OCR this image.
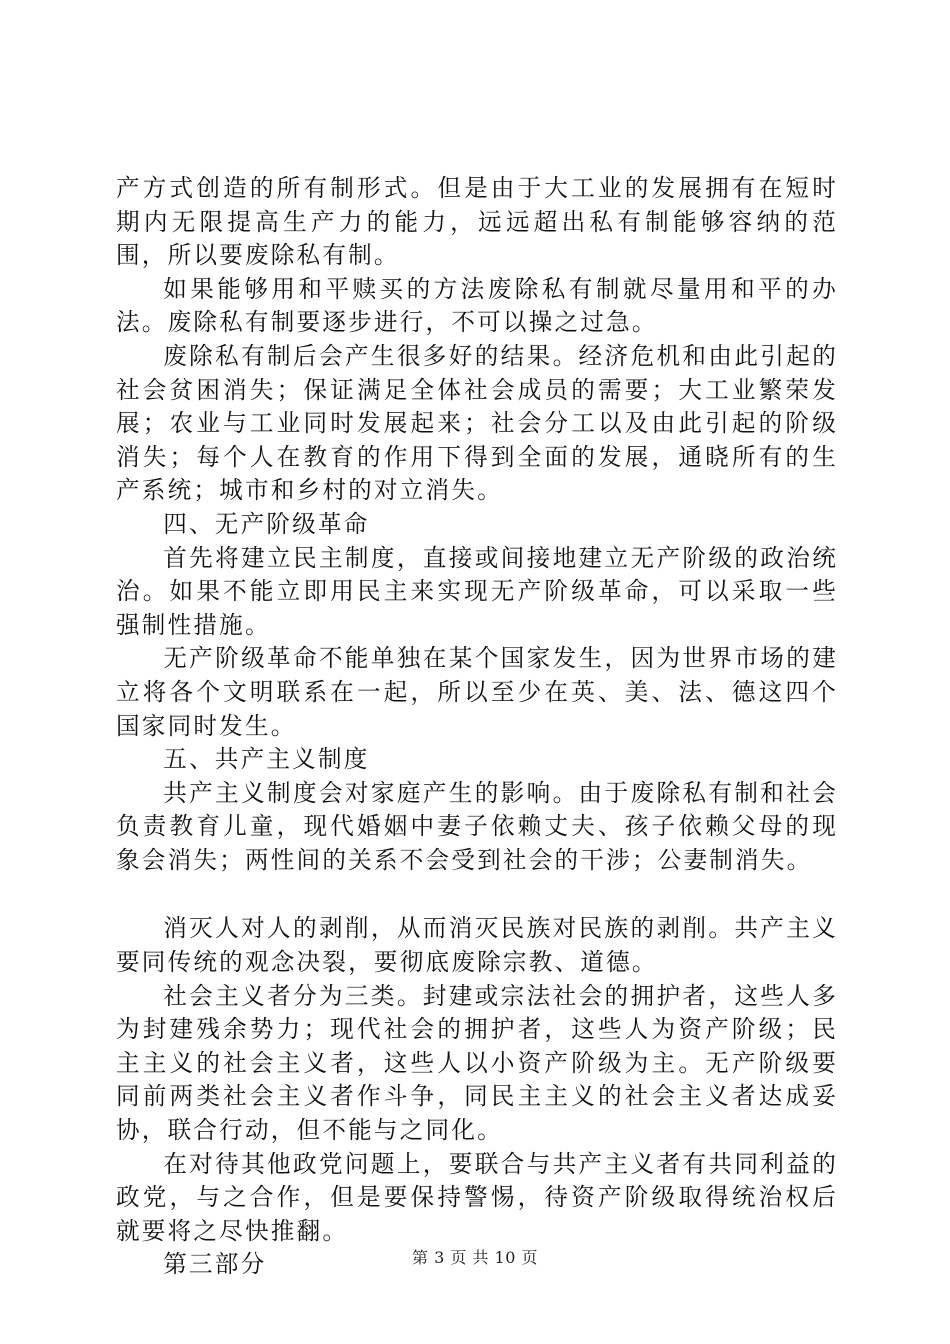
产方式创造的所有制形式。但是由于大工业的发展拥有在短时期内无限提高生产力的能力，远远超出私有制能够容纳的范围，所以要废除私有制。

如果能够用和平赎买的方法废除私有制就尽量用和平的办法。废除私有制要逐步进行，不可以操之过急。

废除私有制后会产生很多好的结果。经济危机和由此引起的社会贫困消失；保证满足全体社会成员的需要；大工业繁荣发展；农业与工业同时发展起来；社会分工以及由此引起的阶级消失；每个人在教育的作用下得到全面的发展，通晓所有的生产系统；城市和乡村的对立消失。

四、无产阶级革命

首先将建立民主制度，直接或间接地建立无产阶级的政治统治。如果不能立即用民主来实现无产阶级革命，可以采取一些强制性措施。

无产阶级革命不能单独在某个国家发生，因为世界市场的建立将各个文明联系在一起，所以至少在英、美、法、德这四个国家同时发生。

五、共产主义制度

共产主义制度会对家庭产生的影响。由于废除私有制和社会负责教育儿童，现代婚姻中妻子依赖丈夫、孩子依赖父母的现象会消失；两性间的关系不会受到社会的干涉；公妻制消失。

消灭人对人的剥削，从而消灭民族对民族的剥削。共产主义要同传统的观念决裂，要彻底废除宗教、道德。

社会主义者分为三类。封建或宗法社会的拥护者，这些人多为封建残余势力；现代社会的拥护者，这些人为资产阶级；民主主义的社会主义者，这些人以小资产阶级为主。无产阶级要同前两类社会主义者作斗争，同民主主义的社会主义者达成妥协，联合行动，但不能与之同化。

在对待其他政党问题上，要联合与共产主义者有共同利益的政党，与之合作，但是要保持警惕，待资产阶级取得统治权后就要将之尽快推翻。

第三部分	第 3 页 共 10 页
